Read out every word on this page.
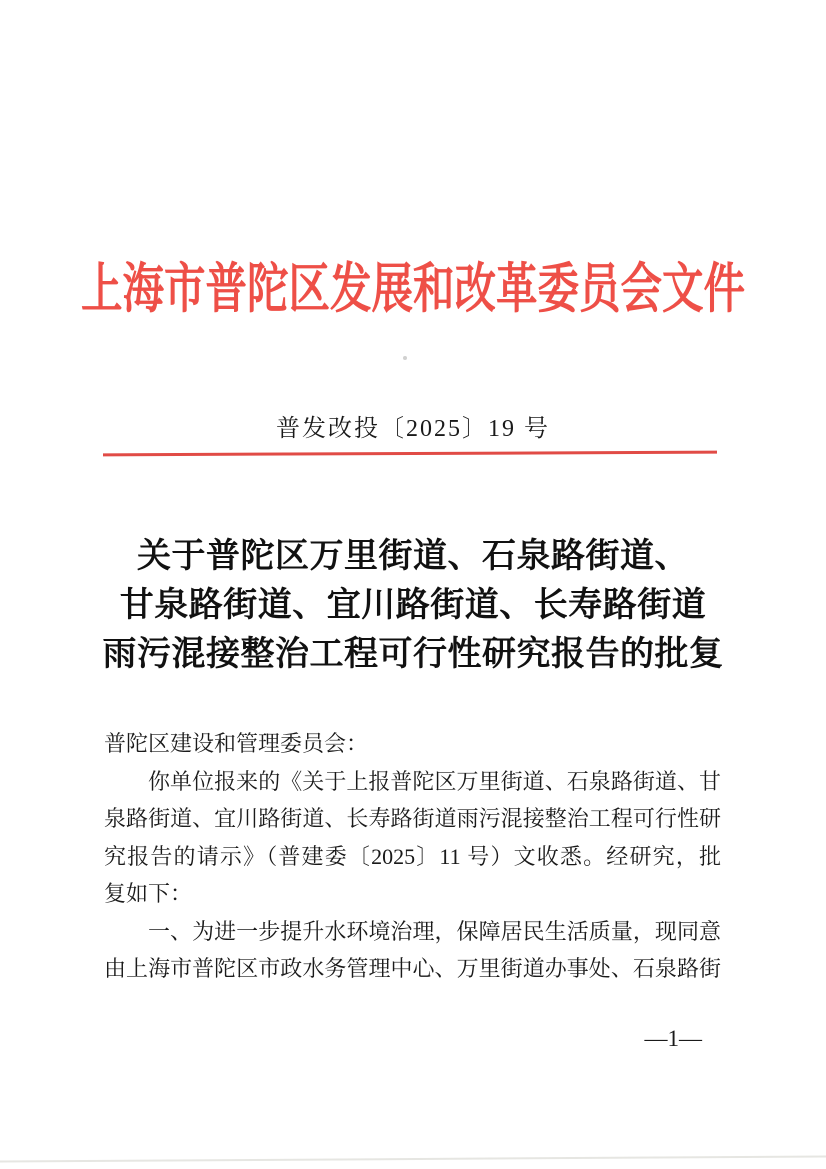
上海市普陀区发展和改革委员会文件
普发改投〔2025〕19 号
关于普陀区万里街道、石泉路街道、
甘泉路街道、宜川路街道、长寿路街道
雨污混接整治工程可行性研究报告的批复
普陀区建设和管理委员会：
你单位报来的《关于上报普陀区万里街道、石泉路街道、甘
泉路街道、宜川路街道、长寿路街道雨污混接整治工程可行性研
究报告的请示》（普建委〔2025〕11 号）文收悉。经研究，批
复如下：
一、为进一步提升水环境治理，保障居民生活质量，现同意
由上海市普陀区市政水务管理中心、万里街道办事处、石泉路街
—1—
